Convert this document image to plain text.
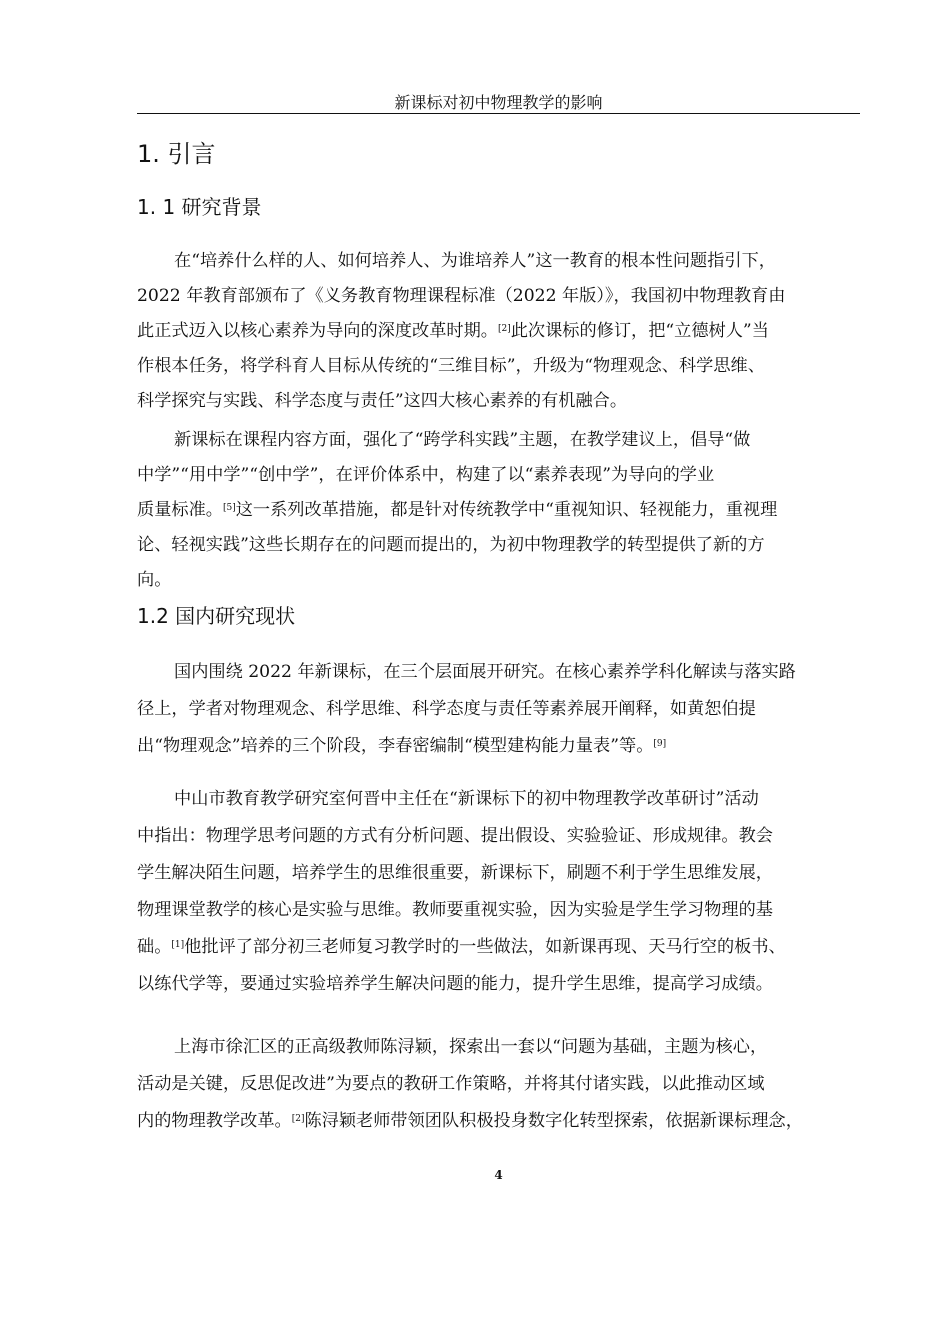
新课标对初中物理教学的影响
1. 引言
1. 1 研究背景
在“培养什么样的人、如何培养人、为谁培养人”这一教育的根本性问题指引下，
2022 年教育部颁布了《义务教育物理课程标准（2022 年版）》，我国初中物理教育由
此正式迈入以核心素养为导向的深度改革时期。[2]此次课标的修订，把“立德树人”当
作根本任务，将学科育人目标从传统的“三维目标”，升级为“物理观念、科学思维、
科学探究与实践、科学态度与责任”这四大核心素养的有机融合。
新课标在课程内容方面，强化了“跨学科实践”主题，在教学建议上，倡导“做
中学”“用中学”“创中学”，在评价体系中，构建了以“素养表现”为导向的学业
质量标准。[5]这一系列改革措施，都是针对传统教学中“重视知识、轻视能力，重视理
论、轻视实践”这些长期存在的问题而提出的，为初中物理教学的转型提供了新的方
向。
1.2 国内研究现状
国内围绕 2022 年新课标，在三个层面展开研究。在核心素养学科化解读与落实路
径上，学者对物理观念、科学思维、科学态度与责任等素养展开阐释，如黄恕伯提
出“物理观念”培养的三个阶段，李春密编制“模型建构能力量表”等。[9]
中山市教育教学研究室何晋中主任在“新课标下的初中物理教学改革研讨”活动
中指出：物理学思考问题的方式有分析问题、提出假设、实验验证、形成规律。教会
学生解决陌生问题，培养学生的思维很重要，新课标下，刷题不利于学生思维发展，
物理课堂教学的核心是实验与思维。教师要重视实验，因为实验是学生学习物理的基
础。[1]他批评了部分初三老师复习教学时的一些做法，如新课再现、天马行空的板书、
以练代学等，要通过实验培养学生解决问题的能力，提升学生思维，提高学习成绩。
上海市徐汇区的正高级教师陈浔颖，探索出一套以“问题为基础，主题为核心，
活动是关键，反思促改进”为要点的教研工作策略，并将其付诸实践，以此推动区域
内的物理教学改革。[2]陈浔颖老师带领团队积极投身数字化转型探索，依据新课标理念，
4
